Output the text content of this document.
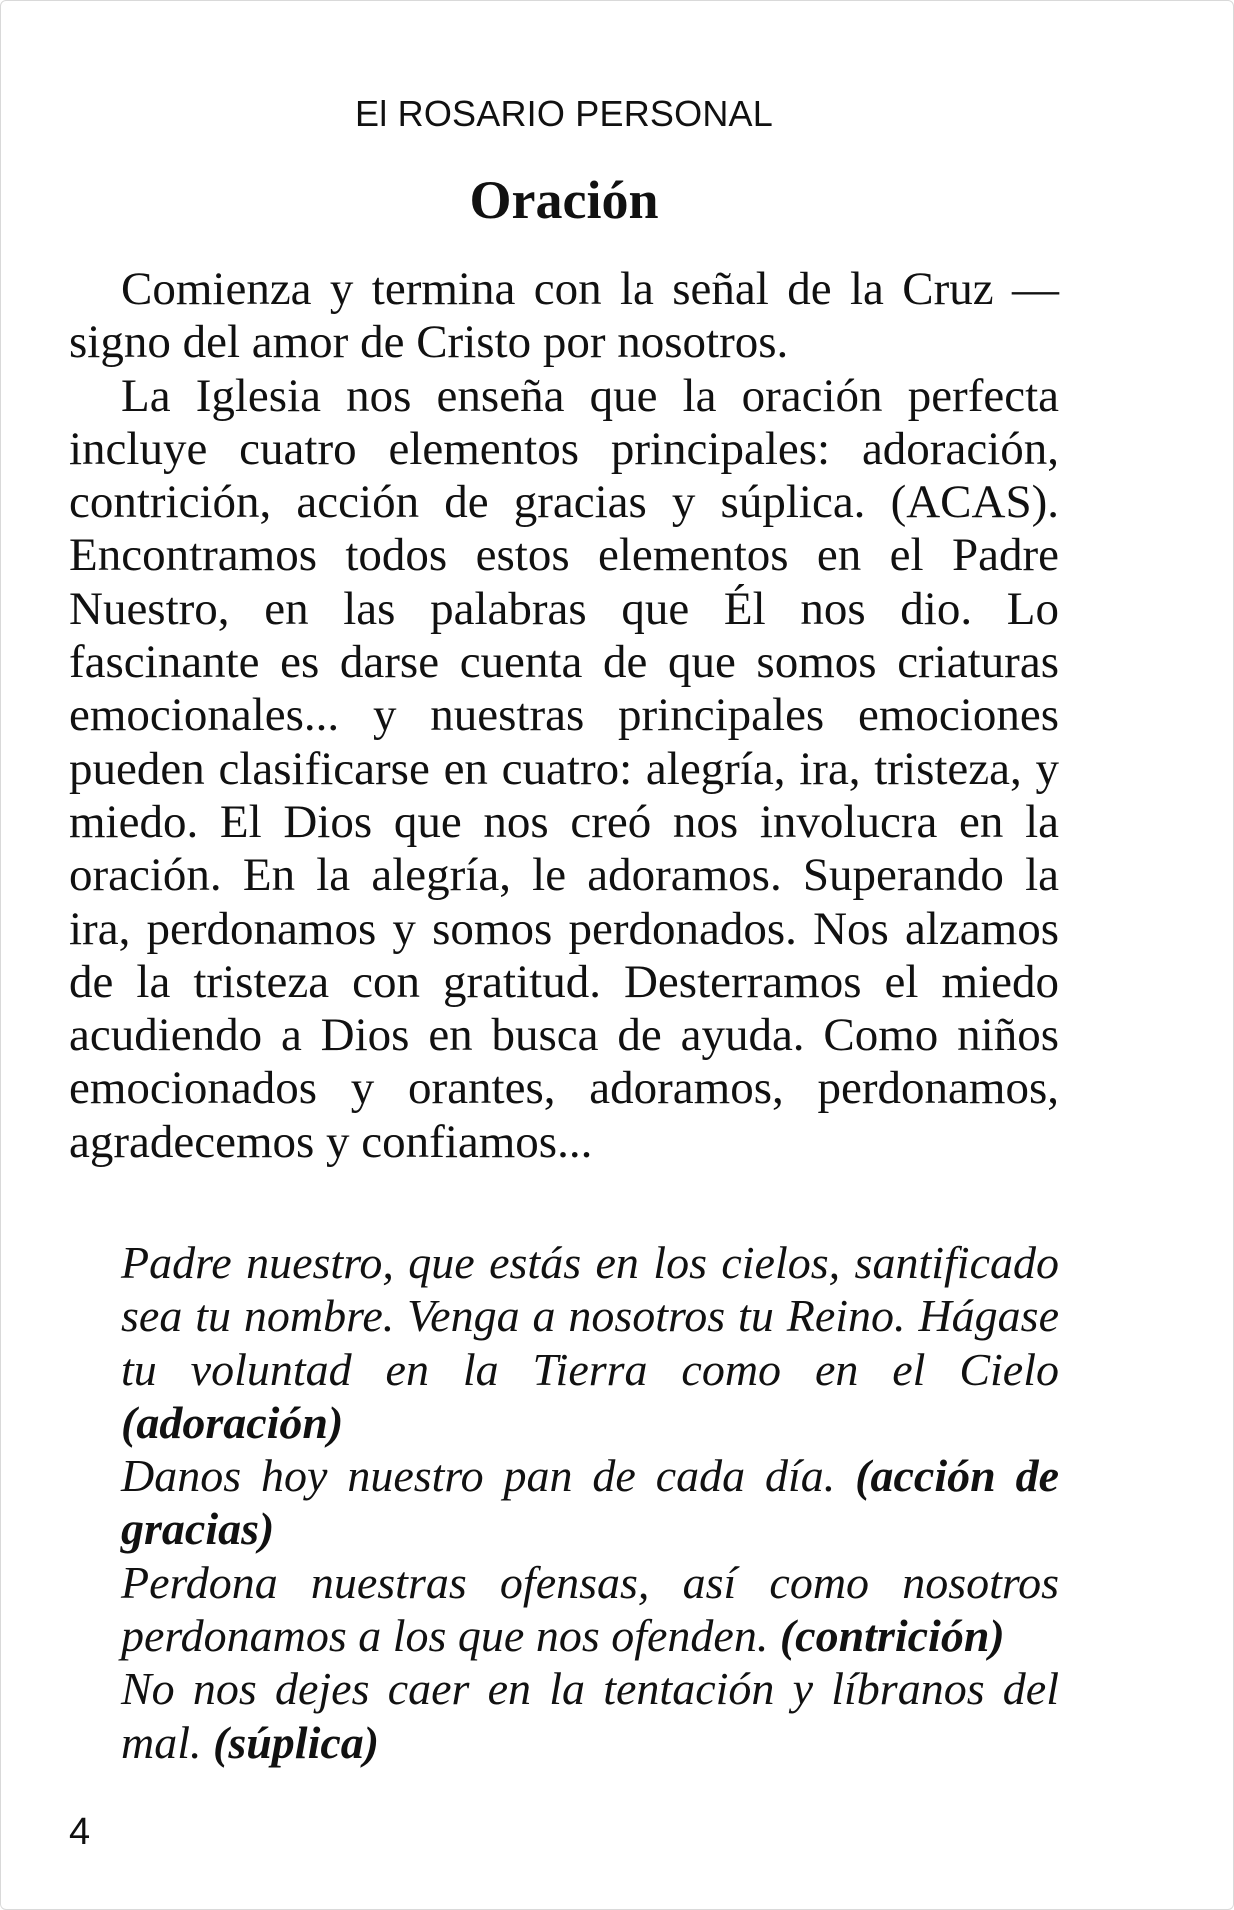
El ROSARIO PERSONAL
Oración

Comienza y termina con la señal de la Cruz —signo del amor de Cristo por nosotros.

La Iglesia nos enseña que la oración perfecta incluye cuatro elementos principales: adoración, contrición, acción de gracias y súplica. (ACAS). Encontramos todos estos elementos en el Padre Nuestro, en las palabras que Él nos dio. Lo fascinante es darse cuenta de que somos criaturas emocionales... y nuestras principales emociones pueden clasificarse en cuatro: alegría, ira, tristeza, y miedo. El Dios que nos creó nos involucra en la oración. En la alegría, le adoramos. Superando la ira, perdonamos y somos perdonados. Nos alzamos de la tristeza con gratitud. Desterramos el miedo acudiendo a Dios en busca de ayuda. Como niños emocionados y orantes, adoramos, perdonamos, agradecemos y confiamos...

Padre nuestro, que estás en los cielos, santificado sea tu nombre. Venga a nosotros tu Reino. Hágase tu voluntad en la Tierra como en el Cielo (adoración)

Danos hoy nuestro pan de cada día. (acción de gracias)

Perdona nuestras ofensas, así como nosotros perdonamos a los que nos ofenden. (contrición)

No nos dejes caer en la tentación y líbranos del mal. (súplica)

4
